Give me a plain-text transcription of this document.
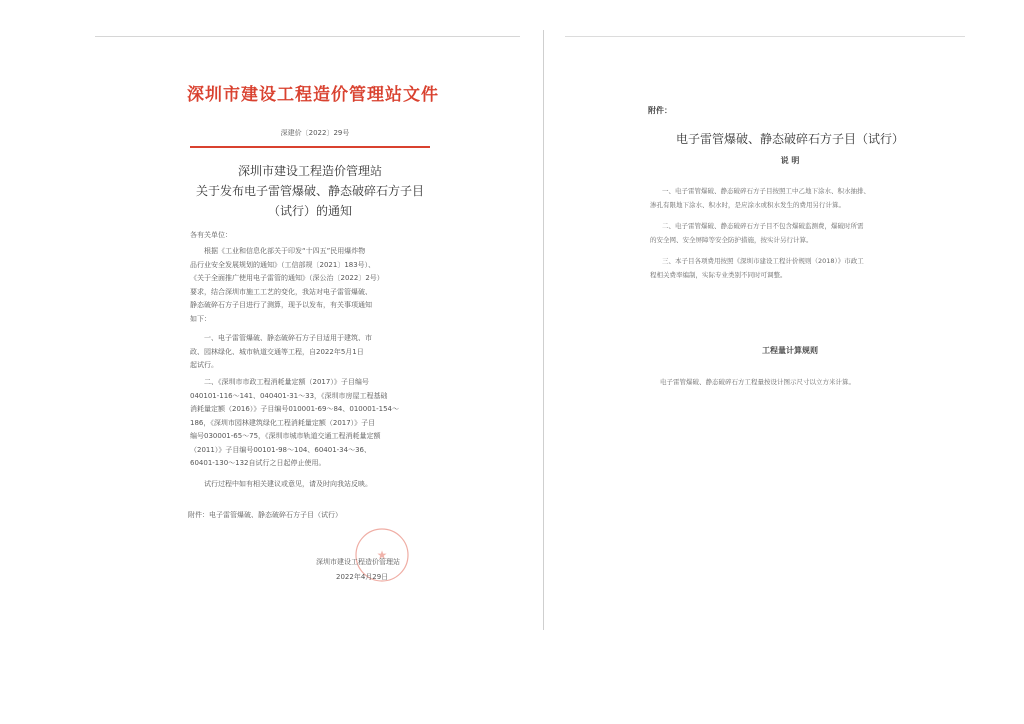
深圳市建设工程造价管理站文件
深建价〔2022〕29号
深圳市建设工程造价管理站
关于发布电子雷管爆破、静态破碎石方子目
（试行）的通知
各有关单位：
根据《工业和信息化部关于印发“十四五”民用爆炸物
品行业安全发展规划的通知》（工信部规〔2021〕183号）、
《关于全面推广使用电子雷管的通知》（深公治〔2022〕2号）
要求，结合深圳市施工工艺的变化，我站对电子雷管爆破、
静态破碎石方子目进行了测算，现予以发布，有关事项通知
如下：
一、电子雷管爆破、静态破碎石方子目适用于建筑、市
政、园林绿化、城市轨道交通等工程，自2022年5月1日
起试行。
二、《深圳市市政工程消耗量定额（2017）》子目编号
040101-116～141、040401-31～33，《深圳市房屋工程基础
消耗量定额（2016）》子目编号010001-69～84、010001-154～
186，《深圳市园林建筑绿化工程消耗量定额（2017）》子目
编号030001-65～75，《深圳市城市轨道交通工程消耗量定额
（2011）》子目编号00101-98～104、60401-34～36、
60401-130～132自试行之日起停止使用。
试行过程中如有相关建议或意见，请及时向我站反映。
附件：电子雷管爆破、静态破碎石方子目（试行）
★
深圳市建设工程造价管理站
2022年4月29日
附件：
电子雷管爆破、静态破碎石方子目（试行）
说 明
一、电子雷管爆破、静态破碎石方子目按照工中乙地下涂水、积水抽排、
渗孔有限地下涂水、积水时，是应涂水或积水发生的费用另行计算。
二、电子雷管爆破、静态破碎石方子目不包含爆破监测费，爆破时所需
的安全网、安全屏障等安全防护措施，按实计另行计算。
三、本子目各项费用按照《深圳市建设工程计价规则（2018）》市政工
程相关费率编制，实际专业类别不同时可调整。
工程量计算规则
电子雷管爆破、静态破碎石方工程量按设计图示尺寸以立方米计算。
